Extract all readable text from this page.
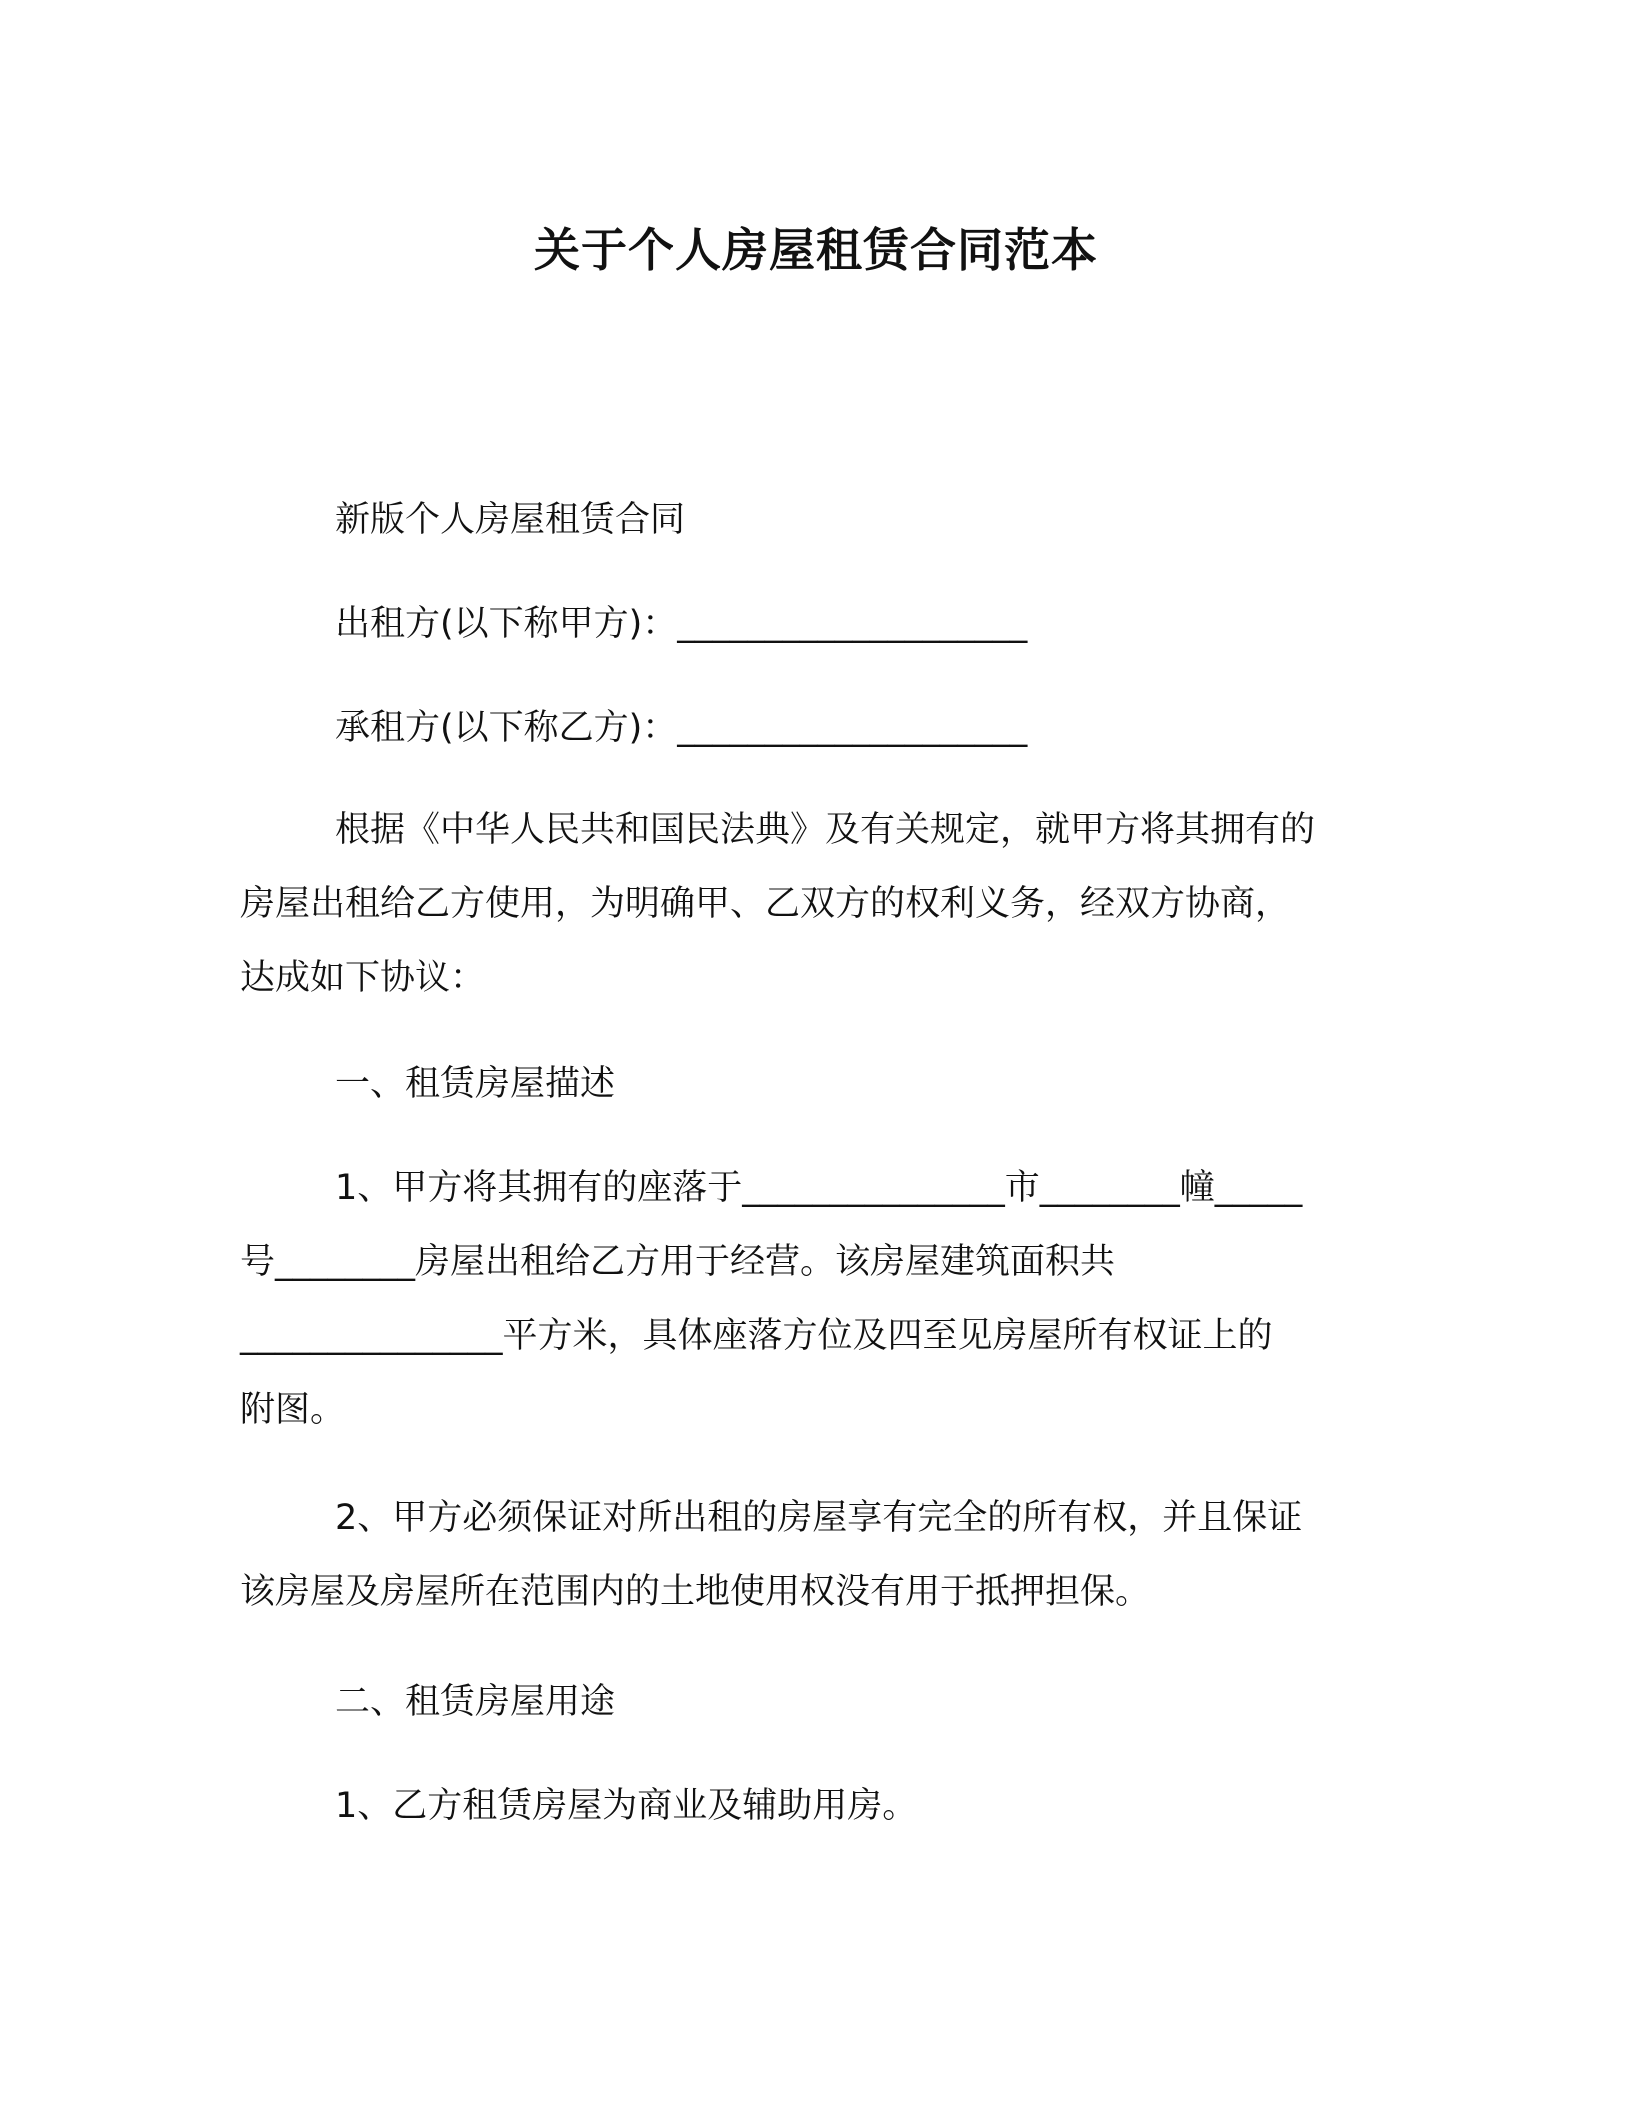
关于个人房屋租赁合同范本
新版个人房屋租赁合同
出租方(以下称甲方)：____________________
承租方(以下称乙方)：____________________
根据《中华人民共和国民法典》及有关规定，就甲方将其拥有的
房屋出租给乙方使用，为明确甲、乙双方的权利义务，经双方协商，
达成如下协议：
一、租赁房屋描述
1、甲方将其拥有的座落于_______________市________幢_____
号________房屋出租给乙方用于经营。该房屋建筑面积共
_______________平方米，具体座落方位及四至见房屋所有权证上的
附图。
2、甲方必须保证对所出租的房屋享有完全的所有权，并且保证
该房屋及房屋所在范围内的土地使用权没有用于抵押担保。
二、租赁房屋用途
1、乙方租赁房屋为商业及辅助用房。
